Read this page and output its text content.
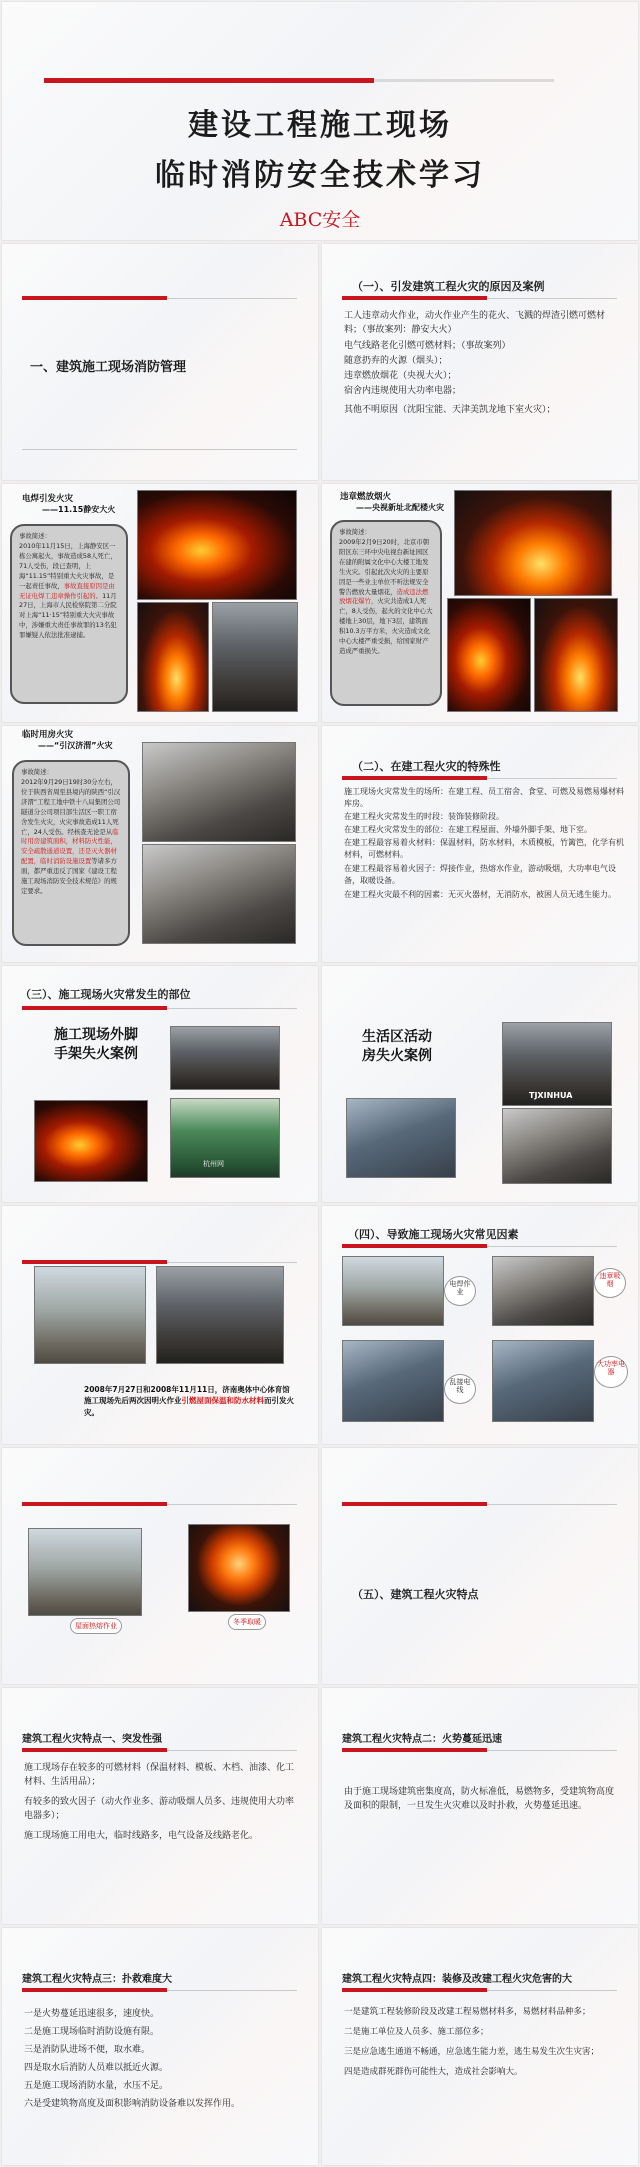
建设工程施工现场
临时消防安全技术学习
ABC安全
一、建筑施工现场消防管理
（一）、引发建筑工程火灾的原因及案例
工人违章动火作业，动火作业产生的花火、飞溅的焊渣引燃可燃材料；（事故案列：静安大火）
电气线路老化引燃可燃材料；（事故案列）
随意扔弃的火源（烟头）；
违章燃放烟花（央视大火）；
宿舍内违规使用大功率电器；
其他不明原因（沈阳宝能、天津美凯龙地下室火灾）；
电焊引发火灾
——11.15静安大火
事故简述：
2010年11月15日，上海静安区一栋公寓起火，事故造成58人死亡，71人受伤，段已查明，上海“11.15”特别重大火灾事故，是一起责任事故，事故直接原因是由无证电焊工违章操作引起的。11月27日，上海市人民检察院第二分院对上海“11·15”特别重大火灾事故中，涉嫌重大责任事故罪的13名犯罪嫌疑人依法批准逮捕。
违章燃放烟火
——央视新址北配楼火灾
事故简述：
2009年2月9日20时，北京市朝阳区东三环中央电视台新址园区在建的附属文化中心大楼工地发生火灾。引起此次火灾的主要原因是一些业主单位不听法规安全警告燃放大量烟花，造成违法燃放烟花爆竹，火灾共造成1人死亡，8人受伤，起火的文化中心大楼地上30层，地下3层，建筑面积10.3万平方米，火灾造成文化中心大楼严重受损，给国家财产造成严重损失。
临时用房火灾
——“引汉济渭”火灾
事故简述：
2012年9月29日19时30分左右，位于陕西省周至县境内的陕西“引汉济渭”工程工地中铁十八局集团公司隧道分公司项目部生活区一职工宿舍发生火灾，火灾事故造成11人死亡，24人受伤。经核查无论是从临时用房建筑面积，材料防火性能，安全疏散通道设置，还是灭火器材配置，临时消防设施设置等诸多方面，都严重违反了国家《建设工程施工现场消防安全技术规范》的规定要求。
（二）、在建工程火灾的特殊性
施工现场火灾常发生的场所：在建工程、员工宿舍、食堂、可燃及易燃易爆材料库房。
在建工程火灾常发生的时段：装饰装修阶段。
在建工程火灾常发生的部位：在建工程屋面、外墙外脚手架、地下室。
在建工程最容易着火材料：保温材料，防水材料，木质模板，竹篱笆，化学有机材料，可燃材料。
在建工程最容易着火因子：焊接作业，热熔水作业，游动吸烟，大功率电气设备，取暖设备。
在建工程火灾最不利的因素：无灭火器材，无消防水，被困人员无逃生能力。
（三）、施工现场火灾常发生的部位
施工现场外脚
手架失火案例
杭州网
生活区活动
房失火案例
TJXINHUA
2008年7月27日和2008年11月11日，济南奥体中心体育馆施工现场先后两次因明火作业引燃屋面保温和防水材料而引发火灾。
（四）、导致施工现场火灾常见因素
电焊作业
违章吸烟
乱接电线
大功率电器
屋面热熔作业	冬季取暖
（五）、建筑工程火灾特点
建筑工程火灾特点一、突发性强
施工现场存在较多的可燃材料（保温材料、模板、木档、油漆、化工材料、生活用品）；
有较多的致火因子（动火作业多、游动吸烟人员多、违规使用大功率电器多）；
施工现场施工用电大，临时线路多，电气设备及线路老化。
建筑工程火灾特点二：火势蔓延迅速
由于施工现场建筑密集度高，防火标准低，易燃物多，受建筑物高度及面积的限制，一旦发生火灾难以及时扑救，火势蔓延迅速。
建筑工程火灾特点三：扑救难度大
一是火势蔓延迅速很多，速度快。
二是施工现场临时消防设施有限。
三是消防队进场不便，取水难。
四是取水后消防人员难以抵近火源。
五是施工现场消防水量，水压不足。
六是受建筑物高度及面积影响消防设备难以发挥作用。
建筑工程火灾特点四：装修及改建工程火灾危害的大
一是建筑工程装修阶段及改建工程易燃材料多，易燃材料品种多；
二是施工单位及人员多、施工部位多；
三是应急逃生通道不畅通，应急逃生能力差，逃生易发生次生灾害；
四是造成群死群伤可能性大，造成社会影响大。
